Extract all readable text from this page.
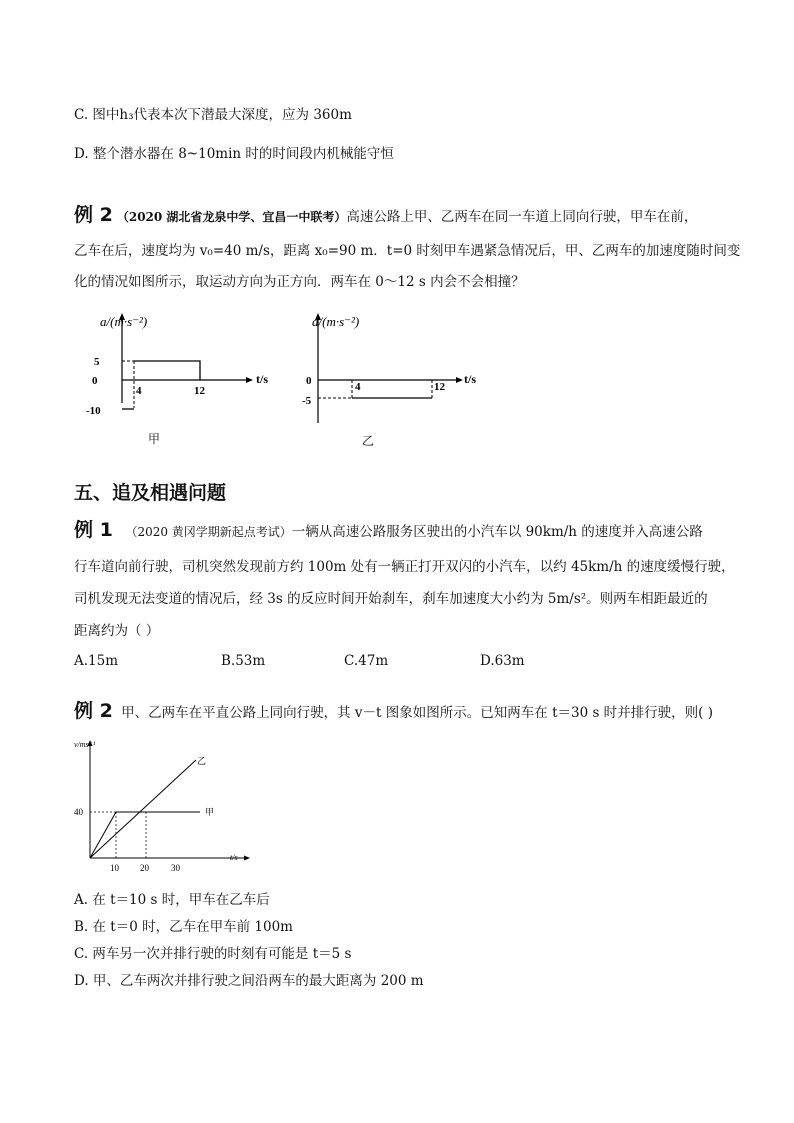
C. 图中h₃代表本次下潜最大深度，应为 360m
D. 整个潜水器在 8~10min 时的时间段内机械能守恒
例 2 （2020 湖北省龙泉中学、宜昌一中联考）高速公路上甲、乙两车在同一车道上同向行驶，甲车在前，
乙车在后，速度均为 v₀=40 m/s，距离 x₀=90 m．t=0 时刻甲车遇紧急情况后，甲、乙两车的加速度随时间变
化的情况如图所示，取运动方向为正方向．两车在 0～12 s 内会不会相撞？
a/(m·s⁻²)
t/s
5
0
-10
4	12
甲
a/(m·s⁻²)
t/s
0
-5
4	12
乙
五、追及相遇问题
例 1 （2020 黄冈学期新起点考试）一辆从高速公路服务区驶出的小汽车以 90km/h 的速度并入高速公路
行车道向前行驶，司机突然发现前方约 100m 处有一辆正打开双闪的小汽车，以约 45km/h 的速度缓慢行驶，
司机发现无法变道的情况后，经 3s 的反应时间开始刹车，刹车加速度大小约为 5m/s²。则两车相距最近的
距离约为（ ）
A.15m	B.53m	C.47m	D.63m
例 2 甲、乙两车在平直公路上同向行驶，其 v－t 图象如图所示。已知两车在 t＝30 s 时并排行驶，则( )
v/ms⁻¹
t/s
40
10 20 30
甲
乙
A. 在 t＝10 s 时，甲车在乙车后
B. 在 t＝0 时，乙车在甲车前 100m
C. 两车另一次并排行驶的时刻有可能是 t＝5 s
D. 甲、乙车两次并排行驶之间沿两车的最大距离为 200 m
